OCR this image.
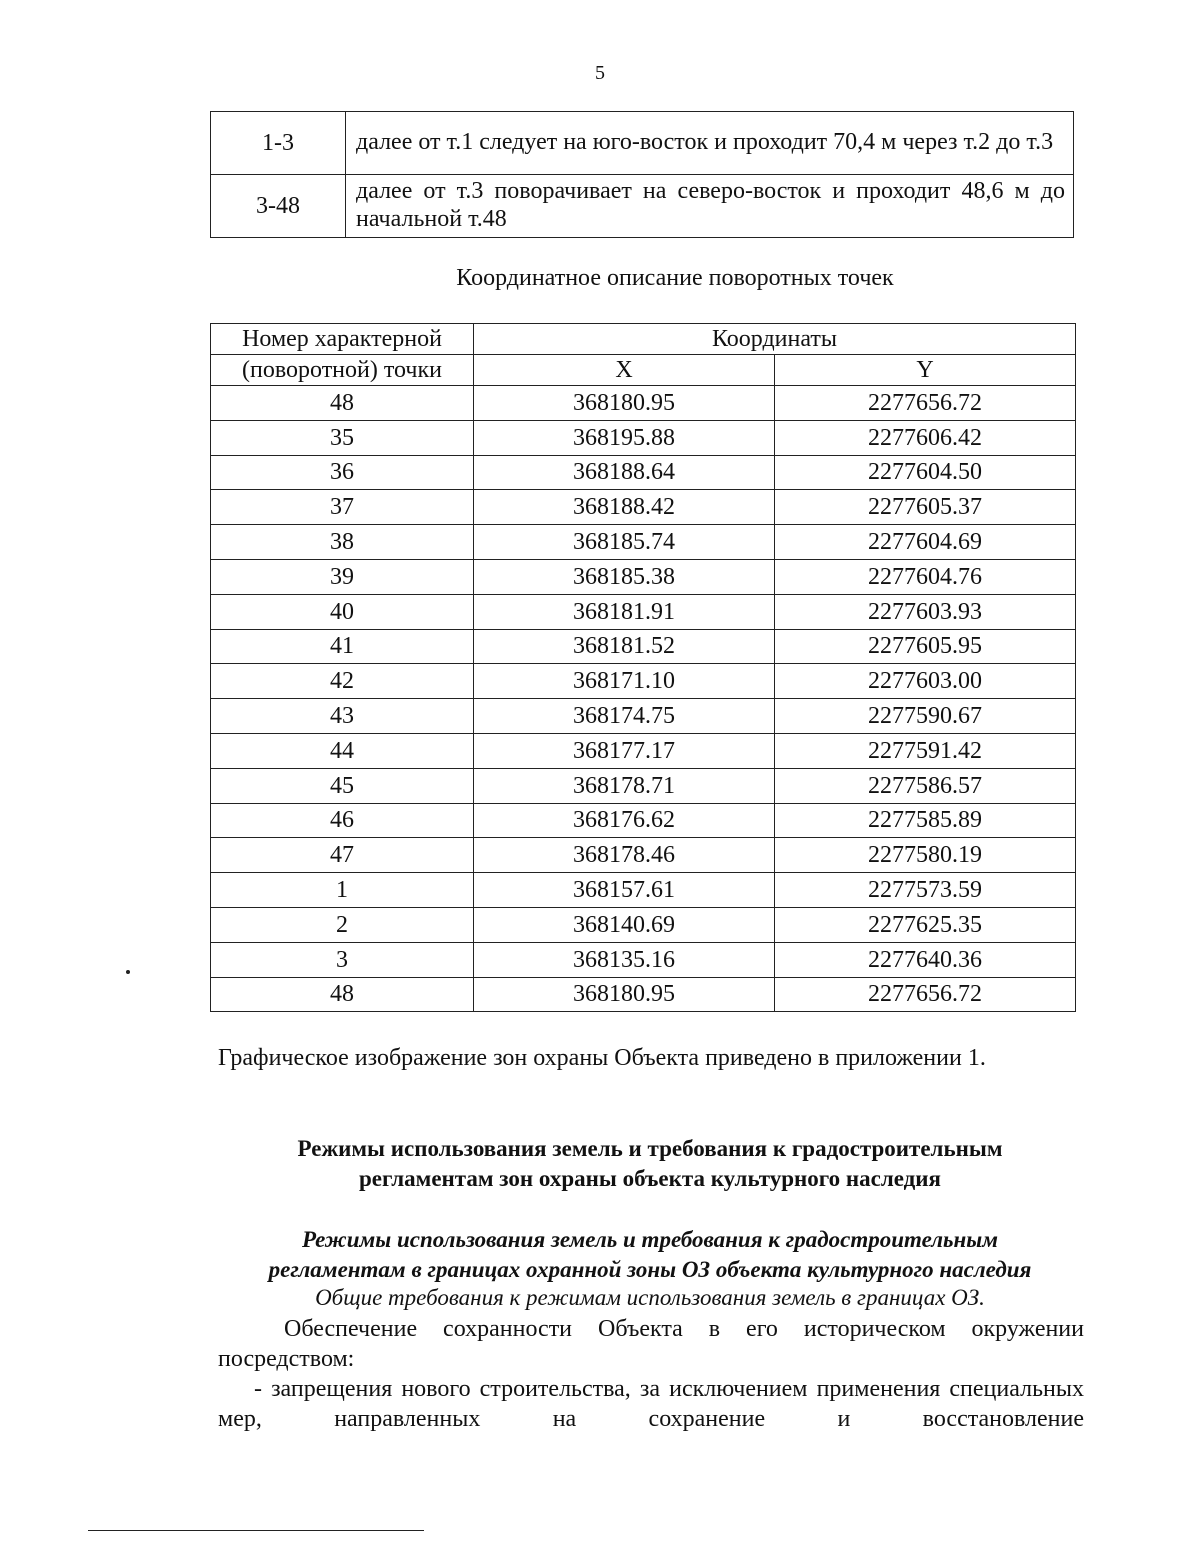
5
1-3	далее от т.1 следует на юго-восток и проходит 70,4 м через т.2 до т.3
3-48	далее от т.3 поворачивает на северо-восток и проходит 48,6 м до начальной т.48
Координатное описание поворотных точек
Номер характерной	Координаты	
(поворотной) точки	X	Y
48	368180.95	2277656.72
35	368195.88	2277606.42
36	368188.64	2277604.50
37	368188.42	2277605.37
38	368185.74	2277604.69
39	368185.38	2277604.76
40	368181.91	2277603.93
41	368181.52	2277605.95
42	368171.10	2277603.00
43	368174.75	2277590.67
44	368177.17	2277591.42
45	368178.71	2277586.57
46	368176.62	2277585.89
47	368178.46	2277580.19
1	368157.61	2277573.59
2	368140.69	2277625.35
3	368135.16	2277640.36
48	368180.95	2277656.72
Графическое изображение зон охраны Объекта приведено в приложении 1.
Режимы использования земель и требования к градостроительным
регламентам зон охраны объекта культурного наследия
Режимы использования земель и требования к градостроительным
регламентам в границах охранной зоны ОЗ объекта культурного наследия
Общие требования к режимам использования земель в границах ОЗ.
Обеспечение сохранности Объекта в его историческом окружении посредством:
- запрещения нового строительства, за исключением применения специальных мер, направленных на сохранение и восстановление
